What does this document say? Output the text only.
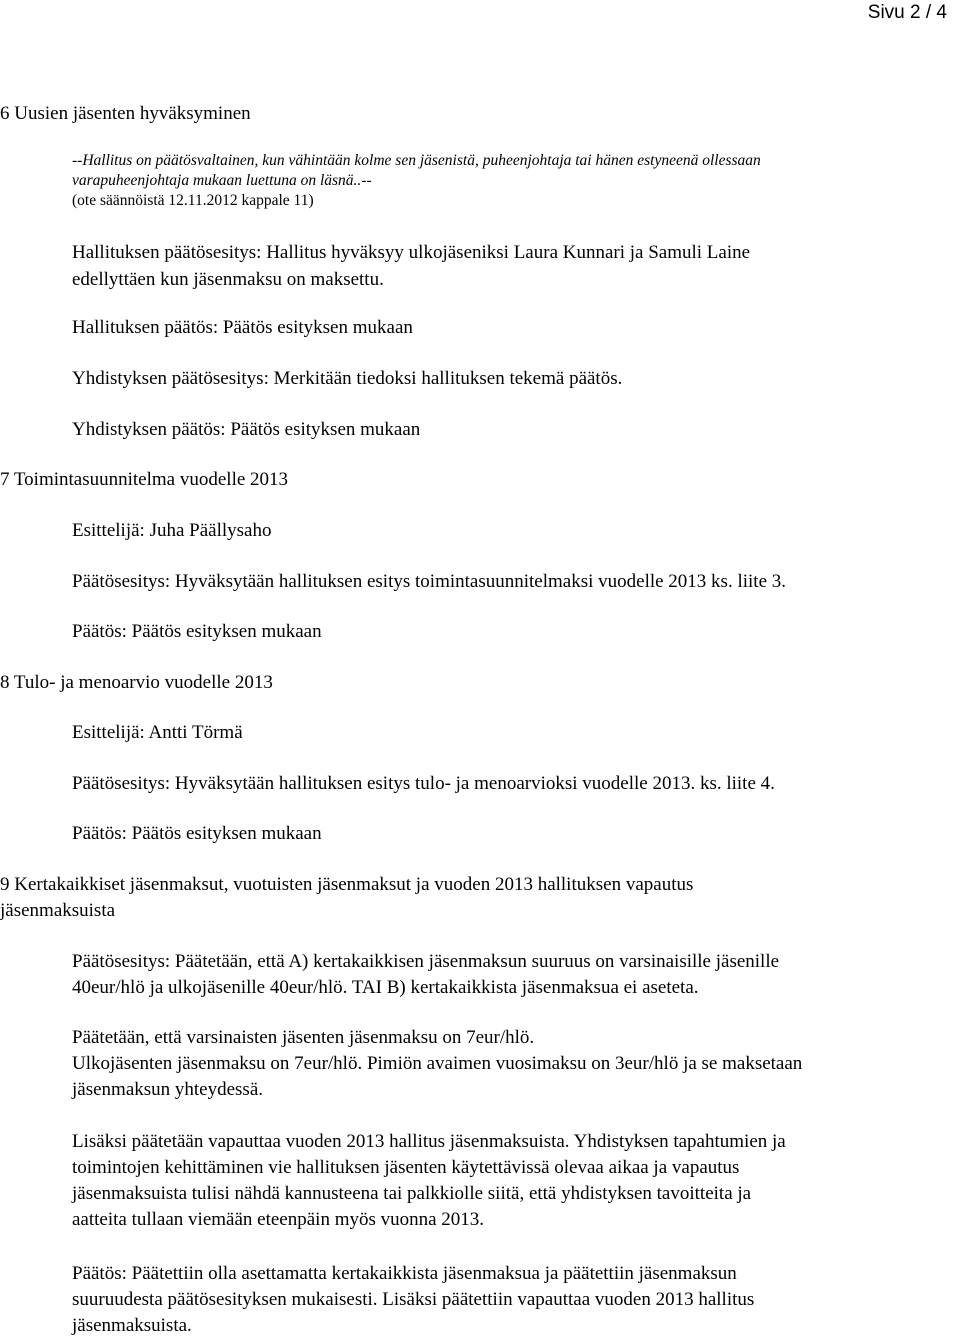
Sivu 2 / 4
6 Uusien jäsenten hyväksyminen
--Hallitus on päätösvaltainen, kun vähintään kolme sen jäsenistä, puheenjohtaja tai hänen estyneenä ollessaan
varapuheenjohtaja mukaan luettuna on läsnä..--
(ote säännöistä 12.11.2012 kappale 11)
Hallituksen päätösesitys: Hallitus hyväksyy ulkojäseniksi Laura Kunnari ja Samuli Laine
edellyttäen kun jäsenmaksu on maksettu.
Hallituksen päätös: Päätös esityksen mukaan
Yhdistyksen päätösesitys: Merkitään tiedoksi hallituksen tekemä päätös.
Yhdistyksen päätös: Päätös esityksen mukaan
7 Toimintasuunnitelma vuodelle 2013
Esittelijä: Juha Päällysaho
Päätösesitys: Hyväksytään hallituksen esitys toimintasuunnitelmaksi vuodelle 2013 ks. liite 3.
Päätös: Päätös esityksen mukaan
8 Tulo- ja menoarvio vuodelle 2013
Esittelijä: Antti Törmä
Päätösesitys: Hyväksytään hallituksen esitys tulo- ja menoarvioksi vuodelle 2013. ks. liite 4.
Päätös: Päätös esityksen mukaan
9 Kertakaikkiset jäsenmaksut, vuotuisten jäsenmaksut ja vuoden 2013 hallituksen vapautus
jäsenmaksuista
Päätösesitys: Päätetään, että A) kertakaikkisen jäsenmaksun suuruus on varsinaisille jäsenille
40eur/hlö ja ulkojäsenille 40eur/hlö. TAI B) kertakaikkista jäsenmaksua ei aseteta.
Päätetään, että varsinaisten jäsenten jäsenmaksu on 7eur/hlö.
Ulkojäsenten jäsenmaksu on 7eur/hlö. Pimiön avaimen vuosimaksu on 3eur/hlö ja se maksetaan
jäsenmaksun yhteydessä.
Lisäksi päätetään vapauttaa vuoden 2013 hallitus jäsenmaksuista. Yhdistyksen tapahtumien ja
toimintojen kehittäminen vie hallituksen jäsenten käytettävissä olevaa aikaa ja vapautus
jäsenmaksuista tulisi nähdä kannusteena tai palkkiolle siitä, että yhdistyksen tavoitteita ja
aatteita tullaan viemään eteenpäin myös vuonna 2013.
Päätös: Päätettiin olla asettamatta kertakaikkista jäsenmaksua ja päätettiin jäsenmaksun
suuruudesta päätösesityksen mukaisesti. Lisäksi päätettiin vapauttaa vuoden 2013 hallitus
jäsenmaksuista.
